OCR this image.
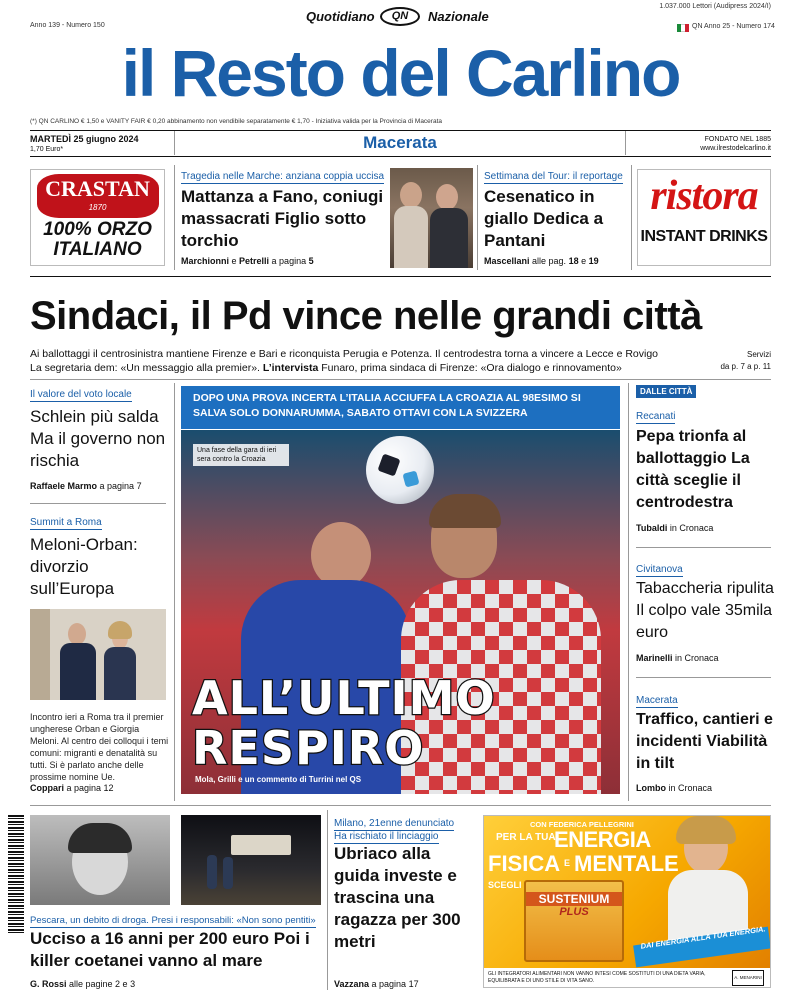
Anno 139 - Numero 150
Quotidiano	QN	Nazionale
1.037.000 Lettori (Audipress 2024/I)
QN Anno 25 - Numero 174
il Resto del Carlino
(*) QN CARLINO € 1,50 e VANITY FAIR € 0,20 abbinamento non vendibile separatamente € 1,70 - Iniziativa valida per la Provincia di Macerata
MARTEDÌ 25 giugno 2024
1,70 Euro*	Macerata	FONDATO NEL 1885
www.ilrestodelcarlino.it
CRASTAN
1870
100% ORZO
ITALIANO
Tragedia nelle Marche: anziana coppia uccisa
Mattanza a Fano, coniugi massacrati Figlio sotto torchio
Marchionni e Petrelli a pagina 5
Settimana del Tour: il reportage
Cesenatico in giallo Dedica a Pantani
Mascellani alle pag. 18 e 19
ristora
INSTANT DRINKS
Sindaci, il Pd vince nelle grandi città
Ai ballottaggi il centrosinistra mantiene Firenze e Bari e riconquista Perugia e Potenza. Il centrodestra torna a vincere a Lecce e Rovigo
La segretaria dem: «Un messaggio alla premier». L’intervista Funaro, prima sindaca di Firenze: «Ora dialogo e rinnovamento»
Servizi
da p. 7 a p. 11
Il valore del voto locale
Schlein più salda Ma il governo non rischia
Raffaele Marmo a pagina 7
Summit a Roma
Meloni-Orban: divorzio sull’Europa
Incontro ieri a Roma tra il premier ungherese Orban e Giorgia Meloni. Al centro dei colloqui i temi comuni: migranti e denatalità su tutti. Si è parlato anche delle prossime nomine Ue.
Coppari a pagina 12
DOPO UNA PROVA INCERTA L’ITALIA ACCIUFFA LA CROAZIA AL 98ESIMO SI SALVA SOLO DONNARUMMA, SABATO OTTAVI CON LA SVIZZERA
Una fase della gara di ieri sera contro la Croazia
ALL’ULTIMO
RESPIRO
Mola, Grilli e un commento di Turrini nel QS
DALLE CITTÀ
Recanati
Pepa trionfa al ballottaggio La città sceglie il centrodestra
Tubaldi in Cronaca
Civitanova
Tabaccheria ripulita Il colpo vale 35mila euro
Marinelli in Cronaca
Macerata
Traffico, cantieri e incidenti Viabilità in tilt
Lombo in Cronaca
Pescara, un debito di droga. Presi i responsabili: «Non sono pentiti»
Ucciso a 16 anni per 200 euro Poi i killer coetanei vanno al mare
G. Rossi alle pagine 2 e 3
Milano, 21enne denunciato
Ha rischiato il linciaggio
Ubriaco alla guida investe e trascina una ragazza per 300 metri
Vazzana a pagina 17
CON FEDERICA PELLEGRINI
PER LA TUA
ENERGIA
FISICA E MENTALE
SCEGLI
SUSTENIUM
PLUS
DAI ENERGIA ALLA TUA ENERGIA.
GLI INTEGRATORI ALIMENTARI NON VANNO INTESI COME SOSTITUTI DI UNA DIETA VARIA, EQUILIBRATA E DI UNO STILE DI VITA SANO.
A. MENARINI
